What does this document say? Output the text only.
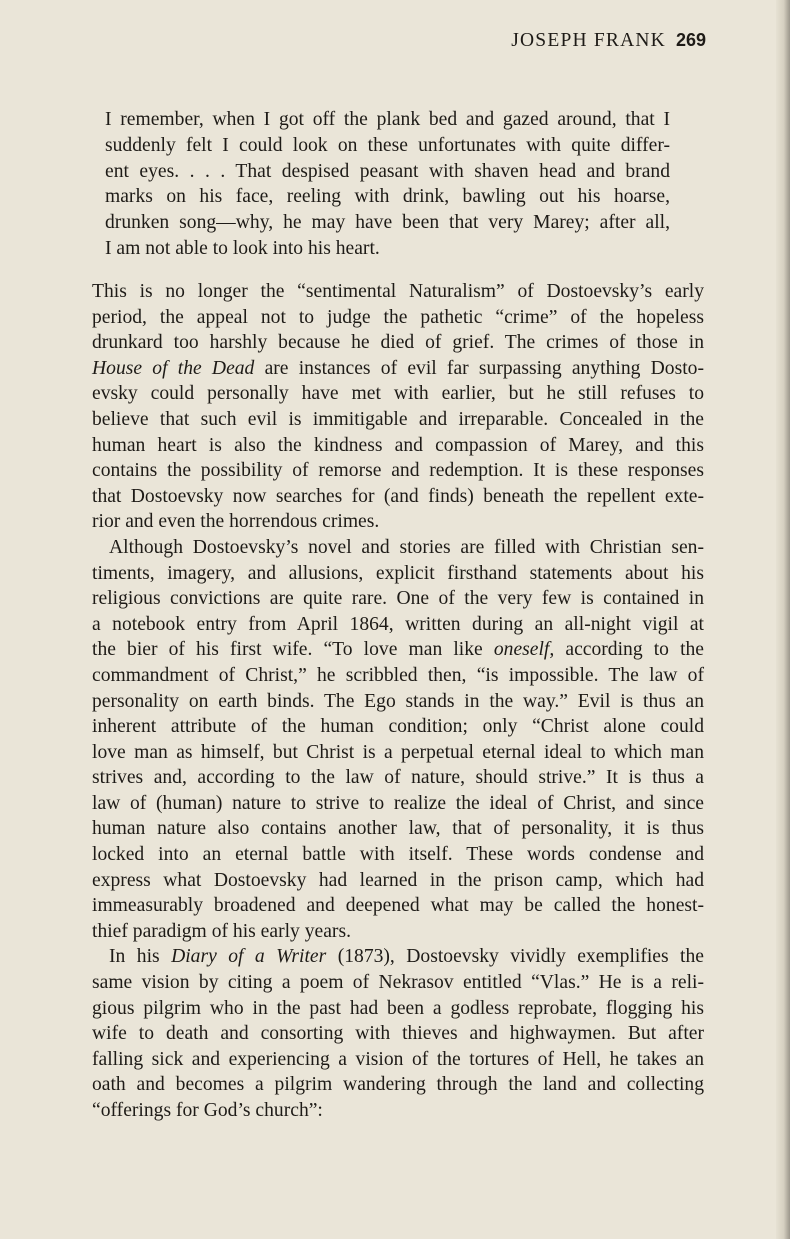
JOSEPH FRANK 269
I remember, when I got off the plank bed and gazed around, that I
suddenly felt I could look on these unfortunates with quite differ-
ent eyes. . . . That despised peasant with shaven head and brand
marks on his face, reeling with drink, bawling out his hoarse,
drunken song—why, he may have been that very Marey; after all,
I am not able to look into his heart.
This is no longer the “sentimental Naturalism” of Dostoevsky’s early
period, the appeal not to judge the pathetic “crime” of the hopeless
drunkard too harshly because he died of grief. The crimes of those in
House of the Dead are instances of evil far surpassing anything Dosto-
evsky could personally have met with earlier, but he still refuses to
believe that such evil is immitigable and irreparable. Concealed in the
human heart is also the kindness and compassion of Marey, and this
contains the possibility of remorse and redemption. It is these responses
that Dostoevsky now searches for (and finds) beneath the repellent exte-
rior and even the horrendous crimes.
Although Dostoevsky’s novel and stories are filled with Christian sen-
timents, imagery, and allusions, explicit firsthand statements about his
religious convictions are quite rare. One of the very few is contained in
a notebook entry from April 1864, written during an all-night vigil at
the bier of his first wife. “To love man like oneself, according to the
commandment of Christ,” he scribbled then, “is impossible. The law of
personality on earth binds. The Ego stands in the way.” Evil is thus an
inherent attribute of the human condition; only “Christ alone could
love man as himself, but Christ is a perpetual eternal ideal to which man
strives and, according to the law of nature, should strive.” It is thus a
law of (human) nature to strive to realize the ideal of Christ, and since
human nature also contains another law, that of personality, it is thus
locked into an eternal battle with itself. These words condense and
express what Dostoevsky had learned in the prison camp, which had
immeasurably broadened and deepened what may be called the honest-
thief paradigm of his early years.
In his Diary of a Writer (1873), Dostoevsky vividly exemplifies the
same vision by citing a poem of Nekrasov entitled “Vlas.” He is a reli-
gious pilgrim who in the past had been a godless reprobate, flogging his
wife to death and consorting with thieves and highwaymen. But after
falling sick and experiencing a vision of the tortures of Hell, he takes an
oath and becomes a pilgrim wandering through the land and collecting
“offerings for God’s church”:
